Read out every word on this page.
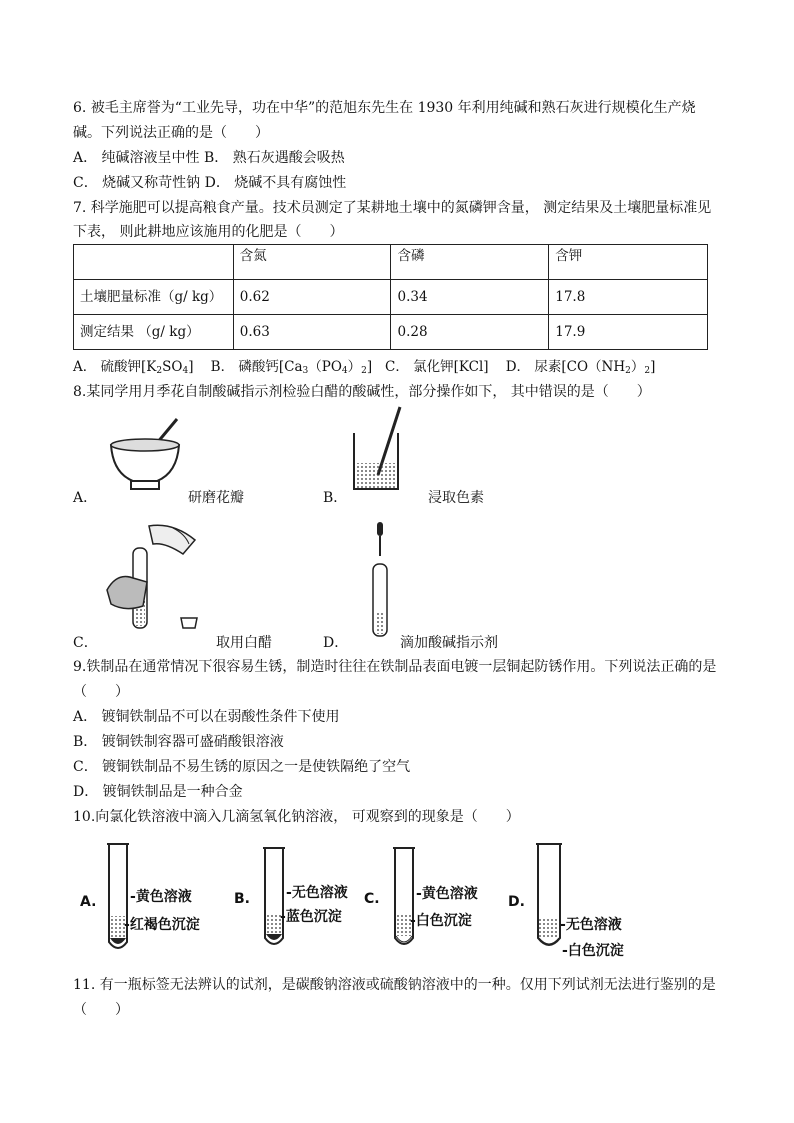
6. 被毛主席誉为“工业先导，功在中华”的范旭东先生在 1930 年利用纯碱和熟石灰进行规模化生产烧
碱。下列说法正确的是（　　）
A． 纯碱溶液呈中性 B． 熟石灰遇酸会吸热
C． 烧碱又称苛性钠 D． 烧碱不具有腐蚀性
7. 科学施肥可以提高粮食产量。技术员测定了某耕地土壤中的氮磷钾含量， 测定结果及土壤肥量标准见
下表， 则此耕地应该施用的化肥是（　　）
	含氮	含磷	含钾
土壤肥量标准（g/ kg）	0.62	0.34	17.8
测定结果 （g/ kg）	0.63	0.28	17.9
A． 硫酸钾$[K_2SO_4]$ B． 磷酸钙$[Ca_3(PO_4)_2]$ C． 氯化钾[KCl] D． 尿素$[CO(NH_2)_2]$
8.某同学用月季花自制酸碱指示剂检验白醋的酸碱性，部分操作如下， 其中错误的是（　　）
A．	研磨花瓣	B．	浸取色素
C．	取用白醋	D．	滴加酸碱指示剂
9.铁制品在通常情况下很容易生锈，制造时往往在铁制品表面电镀一层铜起防锈作用。下列说法正确的是
（　　）
A． 镀铜铁制品不可以在弱酸性条件下使用
B． 镀铜铁制容器可盛硝酸银溶液
C． 镀铜铁制品不易生锈的原因之一是使铁隔绝了空气
D． 镀铜铁制品是一种合金
10.向氯化铁溶液中滴入几滴氢氧化钠溶液， 可观察到的现象是（　　）
A. -黄色溶液
-红褐色沉淀
B.	-无色溶液
-蓝色沉淀
C.	-黄色溶液
-白色沉淀
D.
-无色溶液
-白色沉淀
11. 有一瓶标签无法辨认的试剂，是碳酸钠溶液或硫酸钠溶液中的一种。仅用下列试剂无法进行鉴别的是
（　　）
